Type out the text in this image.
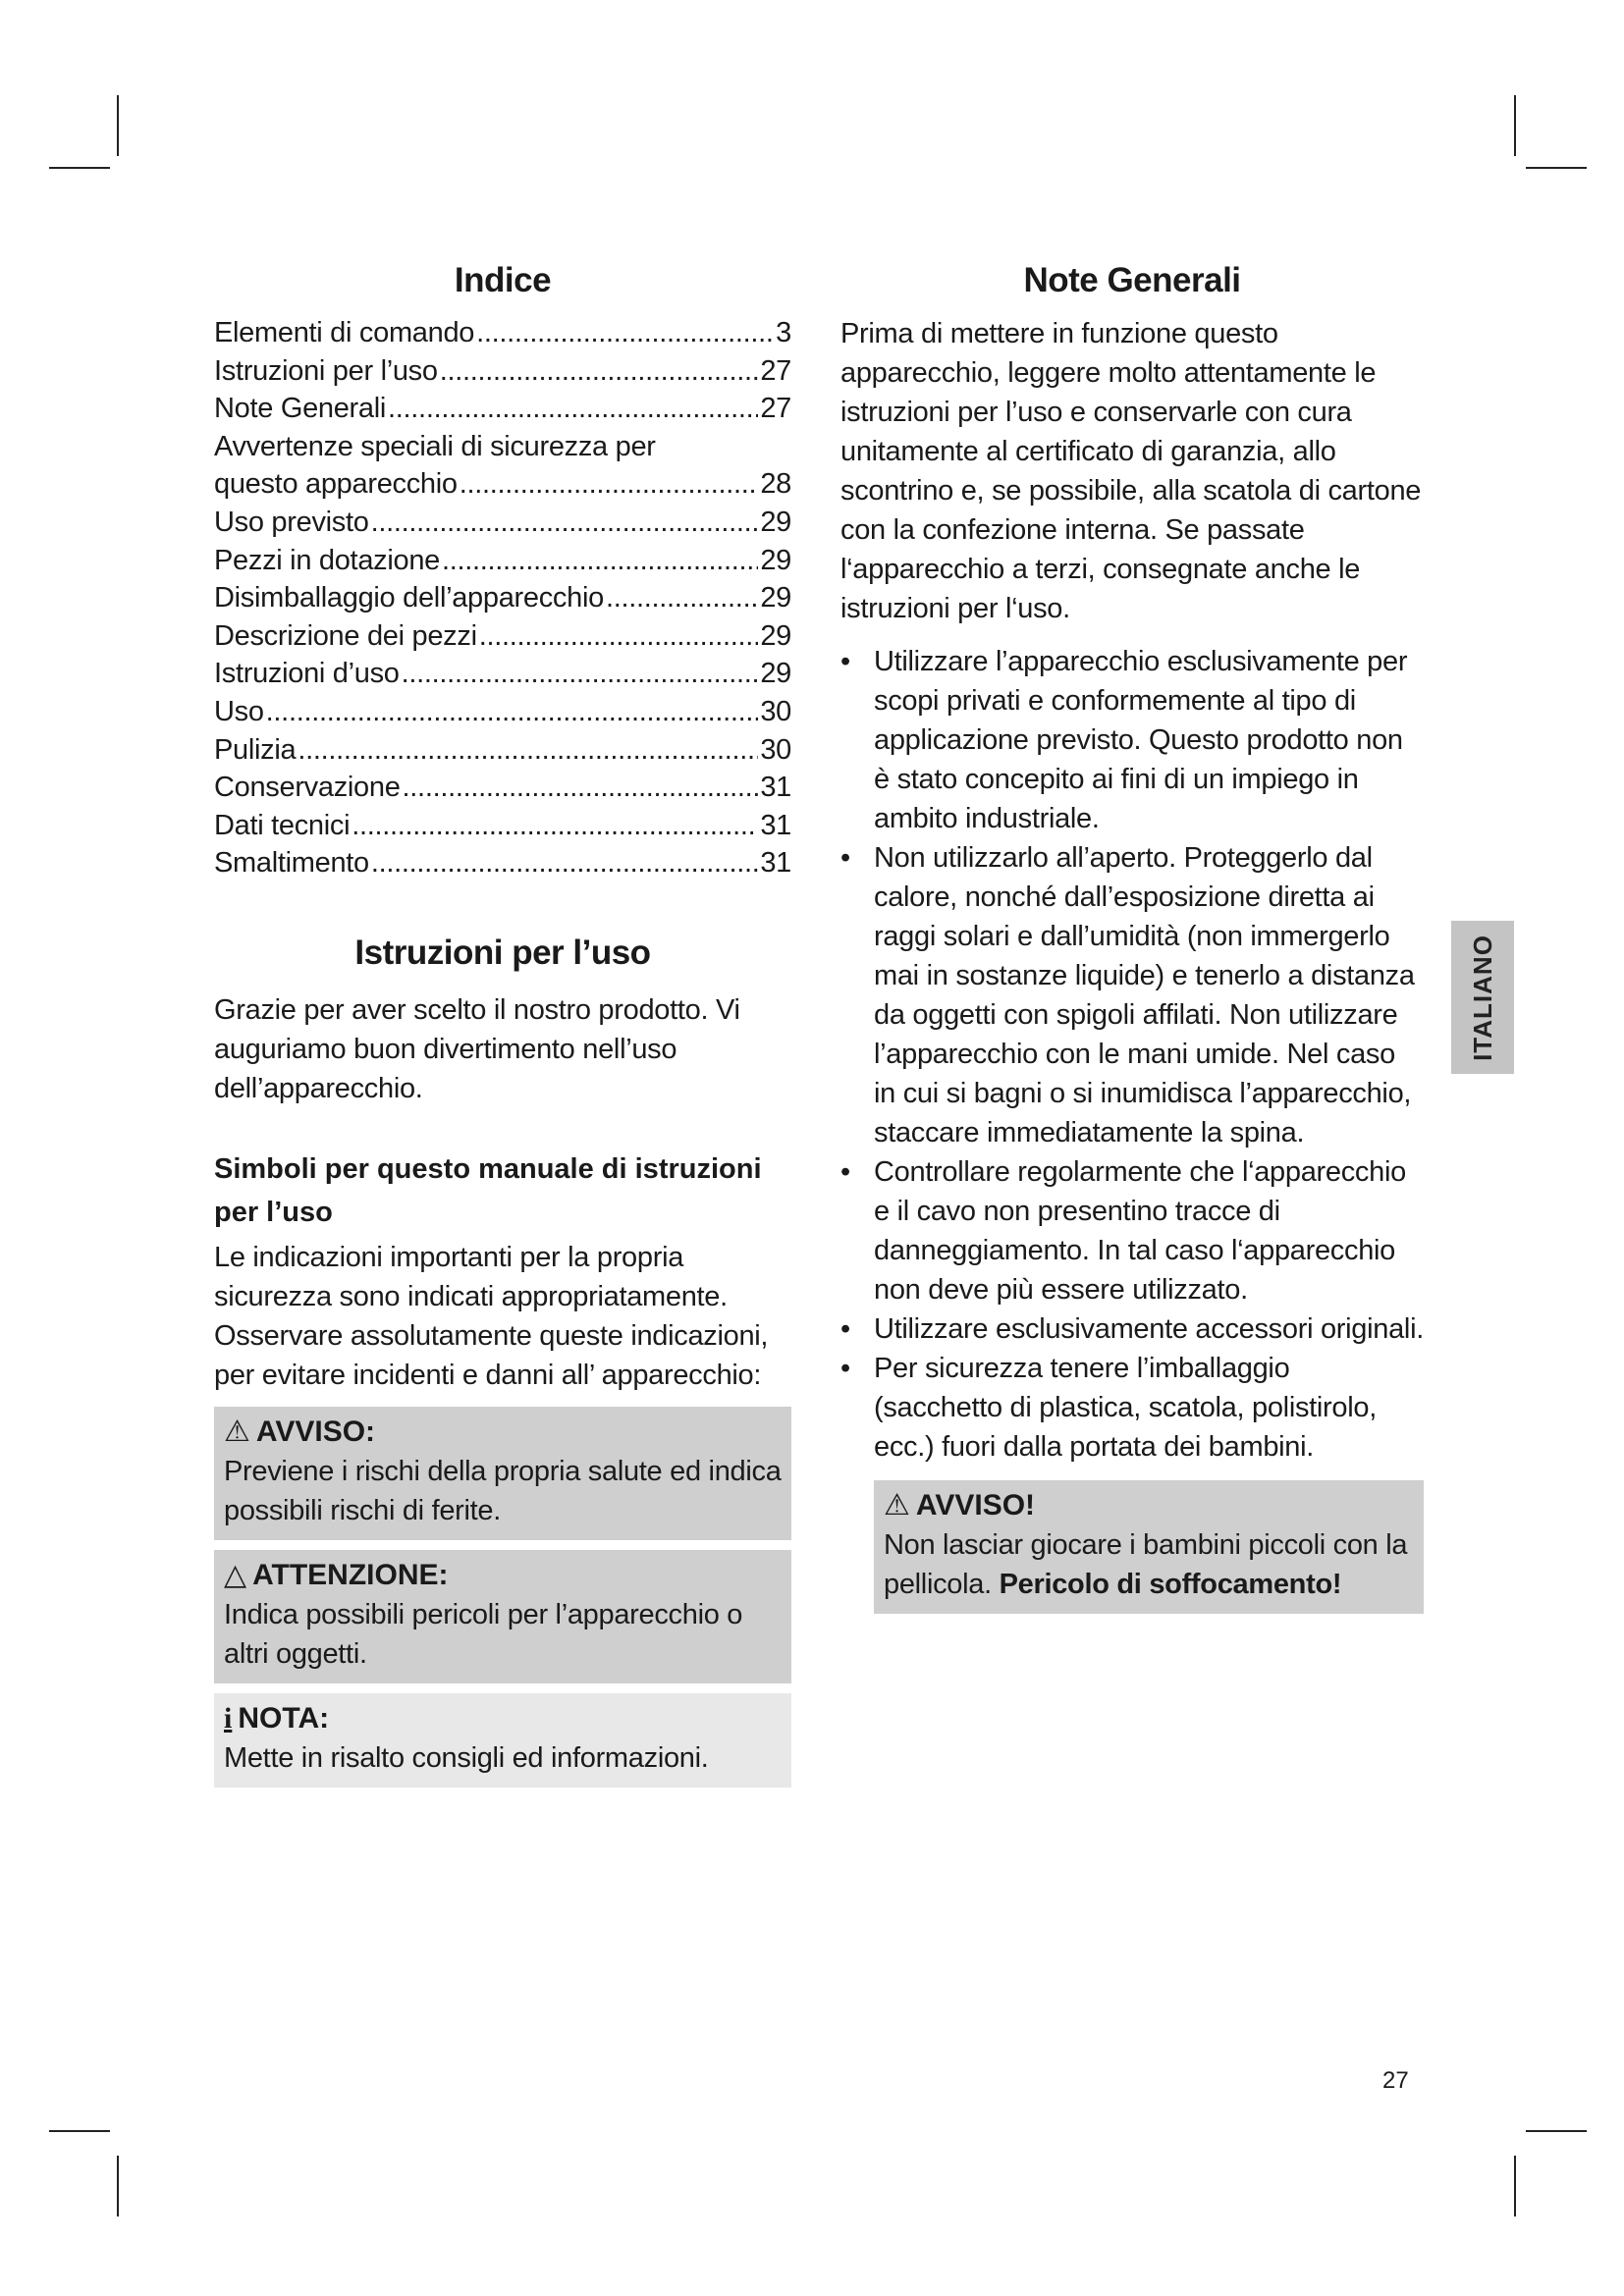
Indice
Elementi di comando .....	3
Istruzioni per l’uso .....	27
Note Generali .....	27
Avvertenze speciali di sicurezza per
questo apparecchio .....	28
Uso previsto .....	29
Pezzi in dotazione .....	29
Disimballaggio dell’apparecchio .....	29
Descrizione dei pezzi .....	29
Istruzioni d’uso .....	29
Uso .....	30
Pulizia .....	30
Conservazione .....	31
Dati tecnici .....	31
Smaltimento .....	31
Istruzioni per l’uso

Grazie per aver scelto il nostro prodotto. Vi auguriamo buon divertimento nell’uso dell’apparecchio.

Simboli per questo manuale di istruzioni per l’uso

Le indicazioni importanti per la propria sicurezza sono indicati appropriatamente. Osservare assolutamente queste indicazioni, per evitare incidenti e danni all’ apparecchio:

⚠ AVVISO:

Previene i rischi della propria salute ed indica possibili rischi di ferite.

△ ATTENZIONE:

Indica possibili pericoli per l’apparecchio o altri oggetti.

i NOTA:

Mette in risalto consigli ed informazioni.

Note Generali

Prima di mettere in funzione questo apparecchio, leggere molto attentamente le istruzioni per l’uso e conservarle con cura unitamente al certificato di garanzia, allo scontrino e, se possibile, alla scatola di cartone con la confezione interna. Se passate l‘apparecchio a terzi, consegnate anche le istruzioni per l‘uso.

• Utilizzare l’apparecchio esclusivamente per scopi privati e conformemente al tipo di applicazione previsto. Questo prodotto non è stato concepito ai fini di un impiego in ambito industriale.
• Non utilizzarlo all’aperto. Proteggerlo dal calore, nonché dall’esposizione diretta ai raggi solari e dall’umidità (non immergerlo mai in sostanze liquide) e tenerlo a distanza da oggetti con spigoli affilati. Non utilizzare l’apparecchio con le mani umide. Nel caso in cui si bagni o si inumidisca l’apparecchio, staccare immediatamente la spina.
• Controllare regolarmente che l‘apparecchio e il cavo non presentino tracce di danneggiamento. In tal caso l‘apparecchio non deve più essere utilizzato.
• Utilizzare esclusivamente accessori originali.
• Per sicurezza tenere l’imballaggio (sacchetto di plastica, scatola, polistirolo, ecc.) fuori dalla portata dei bambini.
⚠ AVVISO!

Non lasciar giocare i bambini piccoli con la pellicola. Pericolo di soffocamento!

ITALIANO
27
